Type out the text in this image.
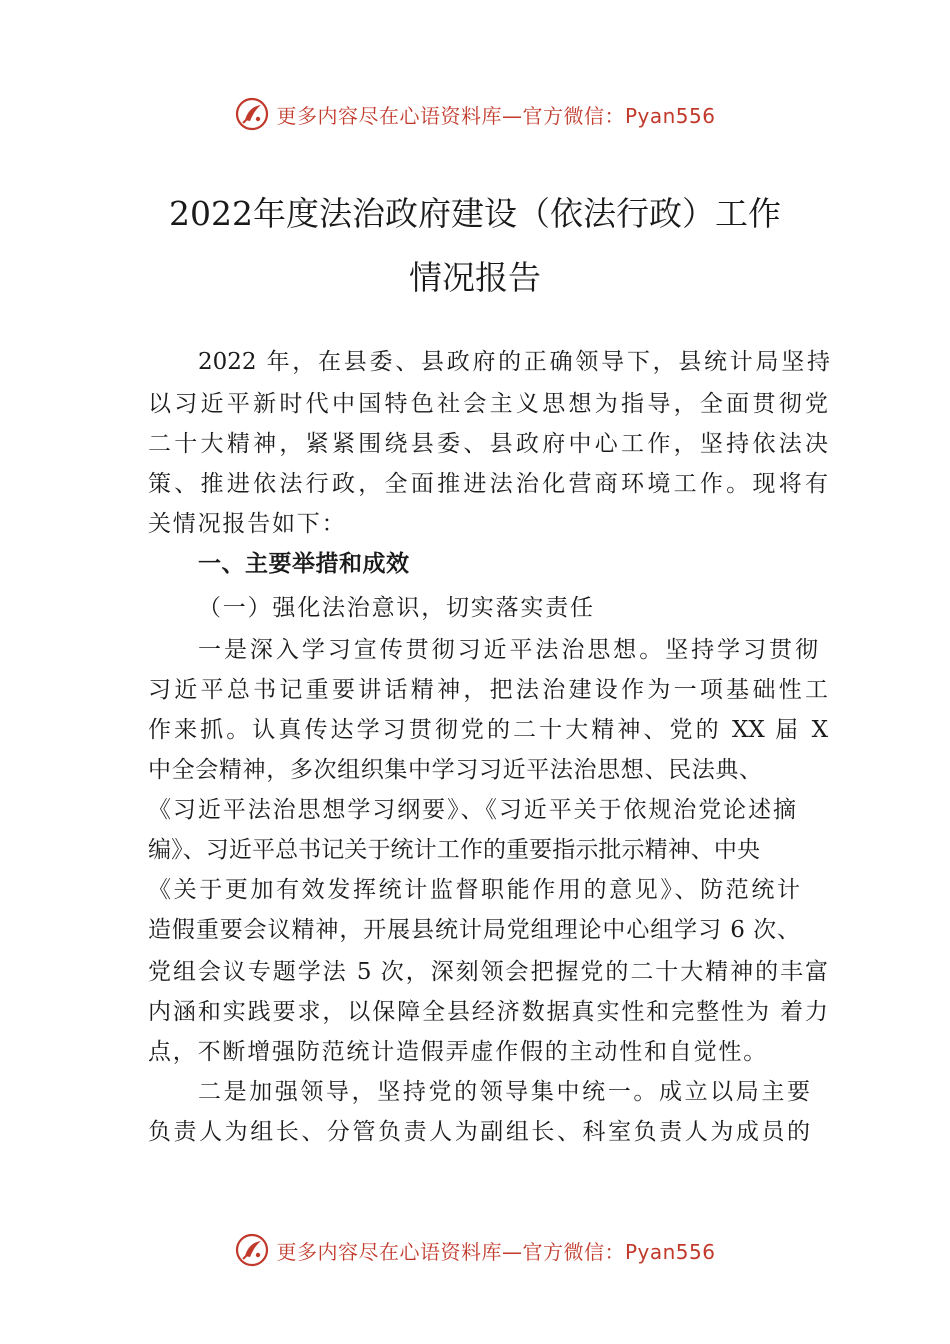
更多内容尽在心语资料库—官方微信：Pyan556
2022年度法治政府建设（依法行政）工作
情况报告
2022 年，在县委、县政府的正确领导下，县统计局坚持
以习近平新时代中国特色社会主义思想为指导，全面贯彻党
二十大精神，紧紧围绕县委、县政府中心工作，坚持依法决
策、推进依法行政，全面推进法治化营商环境工作。现将有
关情况报告如下：
一、主要举措和成效
（一）强化法治意识，切实落实责任
一是深入学习宣传贯彻习近平法治思想。坚持学习贯彻
习近平总书记重要讲话精神，把法治建设作为一项基础性工
作来抓。认真传达学习贯彻党的二十大精神、党的 XX 届 X
中全会精神，多次组织集中学习习近平法治思想、民法典、
《习近平法治思想学习纲要》、《习近平关于依规治党论述摘
编》、习近平总书记关于统计工作的重要指示批示精神、中央
《关于更加有效发挥统计监督职能作用的意见》、防范统计
造假重要会议精神，开展县统计局党组理论中心组学习 6 次、
党组会议专题学法 5 次，深刻领会把握党的二十大精神的丰富
内涵和实践要求，以保障全县经济数据真实性和完整性为 着力
点，不断增强防范统计造假弄虚作假的主动性和自觉性。
二是加强领导，坚持党的领导集中统一。成立以局主要
负责人为组长、分管负责人为副组长、科室负责人为成员的
更多内容尽在心语资料库—官方微信：Pyan556
